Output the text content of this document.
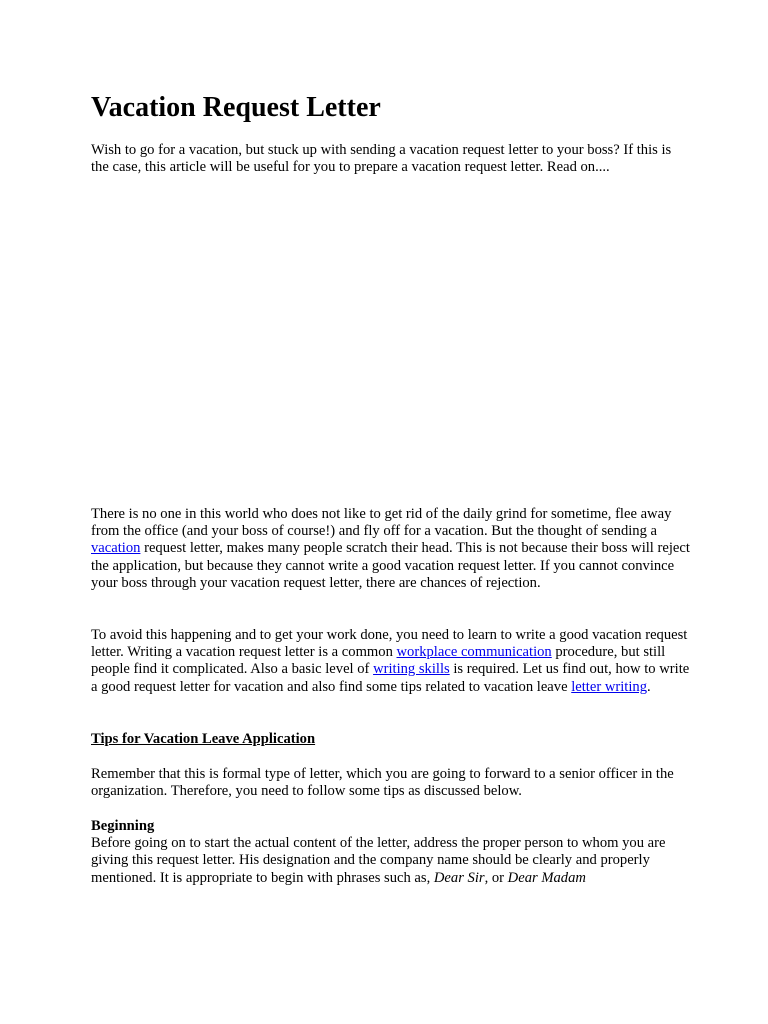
Vacation Request Letter

Wish to go for a vacation, but stuck up with sending a vacation request letter to your boss? If this is the case, this article will be useful for you to prepare a vacation request letter. Read on....

There is no one in this world who does not like to get rid of the daily grind for sometime, flee away from the office (and your boss of course!) and fly off for a vacation. But the thought of sending a vacation request letter, makes many people scratch their head. This is not because their boss will reject the application, but because they cannot write a good vacation request letter. If you cannot convince your boss through your vacation request letter, there are chances of rejection.

To avoid this happening and to get your work done, you need to learn to write a good vacation request letter. Writing a vacation request letter is a common workplace communication procedure, but still people find it complicated. Also a basic level of writing skills is required. Let us find out, how to write a good request letter for vacation and also find some tips related to vacation leave letter writing.

Tips for Vacation Leave Application

Remember that this is formal type of letter, which you are going to forward to a senior officer in the organization. Therefore, you need to follow some tips as discussed below.

Beginning
Before going on to start the actual content of the letter, address the proper person to whom you are giving this request letter. His designation and the company name should be clearly and properly mentioned. It is appropriate to begin with phrases such as, Dear Sir, or Dear Madam
